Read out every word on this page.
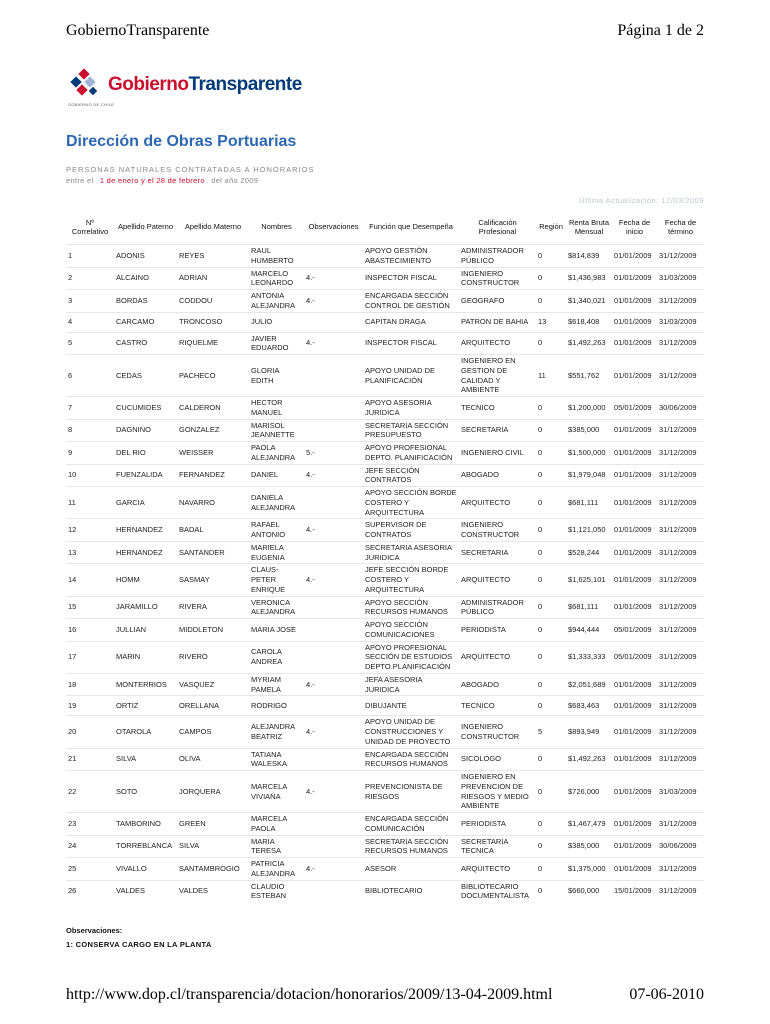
GobiernoTransparente	Página 1 de 2
GobiernoTransparente
GOBIERNO DE CHILE
Dirección de Obras Portuarias
PERSONAS NATURALES CONTRATADAS A HONORARIOS
entre el 1 de enero y el 28 de febrero del año 2009
Última Actualización: 12/03/2009
Nº Correlativo	Apellido Paterno	Apellido Materno	Nombres	Observaciones	Función que Desempeña	Calificación Profesional	Región	Renta Bruta Mensual	Fecha de inicio	Fecha de término
1	ADONIS	REYES	RAUL HUMBERTO		APOYO GESTIÓN ABASTECIMIENTO	ADMINISTRADOR PÚBLICO	0	$814,839	01/01/2009	31/12/2009
2	ALCAINO	ADRIAN	MARCELO LEONARDO	4.-	INSPECTOR FISCAL	INGENIERO CONSTRUCTOR	0	$1,436,983	01/01/2009	31/03/2009
3	BORDAS	CODDOU	ANTONIA ALEJANDRA	4.-	ENCARGADA SECCIÓN CONTROL DE GESTIÓN	GEOGRAFO	0	$1,340,021	01/01/2009	31/12/2009
4	CARCAMO	TRONCOSO	JULIO		CAPITAN DRAGA	PATRON DE BAHIA	13	$618,408	01/01/2009	31/03/2009
5	CASTRO	RIQUELME	JAVIER EDUARDO	4.-	INSPECTOR FISCAL	ARQUITECTO	0	$1,492,263	01/01/2009	31/12/2009
6	CEDAS	PACHECO	GLORIA EDITH		APOYO UNIDAD DE PLANIFICACIÓN	INGENIERO EN GESTION DE CALIDAD Y AMBIENTE	11	$551,762	01/01/2009	31/12/2009
7	CUCUMIDES	CALDERON	HECTOR MANUEL		APOYO ASESORIA JURIDICA	TECNICO	0	$1,200,000	05/01/2009	30/06/2009
8	DAGNINO	GONZALEZ	MARISOL JEANNETTE		SECRETARIA SECCIÓN PRESUPUESTO	SECRETARIA	0	$385,000	01/01/2009	31/12/2009
9	DEL RIO	WEISSER	PAOLA ALEJANDRA	5.-	APOYO PROFESIONAL DEPTO. PLANIFICACIÓN	INGENIERO CIVIL	0	$1,500,000	01/01/2009	31/12/2009
10	FUENZALIDA	FERNANDEZ	DANIEL	4.-	JEFE SECCIÓN CONTRATOS	ABOGADO	0	$1,979,048	01/01/2009	31/12/2009
11	GARCIA	NAVARRO	DANIELA ALEJANDRA		APOYO SECCIÓN BORDE COSTERO Y ARQUITECTURA	ARQUITECTO	0	$681,111	01/01/2009	31/12/2009
12	HERNANDEZ	BADAL	RAFAEL ANTONIO	4.-	SUPERVISOR DE CONTRATOS	INGENIERO CONSTRUCTOR	0	$1,121,050	01/01/2009	31/12/2009
13	HERNANDEZ	SANTANDER	MARIELA EUGENIA		SECRETARIA ASESORIA JURIDICA	SECRETARIA	0	$528,244	01/01/2009	31/12/2009
14	HOMM	SASMAY	CLAUS-PETER ENRIQUE	4.-	JEFE SECCIÓN BORDE COSTERO Y ARQUITECTURA	ARQUITECTO	0	$1,625,101	01/01/2009	31/12/2009
15	JARAMILLO	RIVERA	VERONICA ALEJANDRA		APOYO SECCIÓN RECURSOS HUMANOS	ADMINISTRADOR PÚBLICO	0	$681,111	01/01/2009	31/12/2009
16	JULLIAN	MIDDLETON	MARIA JOSE		APOYO SECCIÓN COMUNICACIONES	PERIODISTA	0	$944,444	05/01/2009	31/12/2009
17	MARIN	RIVERO	CAROLA ANDREA		APOYO PROFESIONAL SECCIÓN DE ESTUDIOS DEPTO.PLANIFICACIÓN	ARQUITECTO	0	$1,333,333	05/01/2009	31/12/2009
18	MONTERRIOS	VASQUEZ	MYRIAM PAMELA	4.-	JEFA ASESORIA JURIDICA	ABOGADO	0	$2,051,689	01/01/2009	31/12/2009
19	ORTIZ	ORELLANA	RODRIGO		DIBUJANTE	TECNICO	0	$683,463	01/01/2009	31/12/2009
20	OTAROLA	CAMPOS	ALEJANDRA BEATRIZ	4.-	APOYO UNIDAD DE CONSTRUCCIONES Y UNIDAD DE PROYECTO	INGENIERO CONSTRUCTOR	5	$893,949	01/01/2009	31/12/2009
21	SILVA	OLIVA	TATIANA WALESKA		ENCARGADA SECCIÓN RECURSOS HUMANOS	SICOLOGO	0	$1,492,263	01/01/2009	31/12/2009
22	SOTO	JORQUERA	MARCELA VIVIANA	4.-	PREVENCIONISTA DE RIESGOS	INGENIERO EN PREVENCION DE RIESGOS Y MEDIO AMBIENTE	0	$726,000	01/01/2009	31/03/2009
23	TAMBORINO	GREEN	MARCELA PAOLA		ENCARGADA SECCIÓN COMUNICACIÓN	PERIODISTA	0	$1,467,479	01/01/2009	31/12/2009
24	TORREBLANCA	SILVA	MARIA TERESA		SECRETARIA SECCIÓN RECURSOS HUMANOS	SECRETARIA TECNICA	0	$385,000	01/01/2009	30/06/2009
25	VIVALLO	SANTAMBROGIO	PATRICIA ALEJANDRA	4.-	ASESOR	ARQUITECTO	0	$1,375,000	01/01/2009	31/12/2009
26	VALDES	VALDES	CLAUDIO ESTEBAN		BIBLIOTECARIO	BIBLIOTECARIO DOCUMENTALISTA	0	$660,000	15/01/2009	31/12/2009
Observaciones:
1: CONSERVA CARGO EN LA PLANTA
http://www.dop.cl/transparencia/dotacion/honorarios/2009/13-04-2009.html	07-06-2010
